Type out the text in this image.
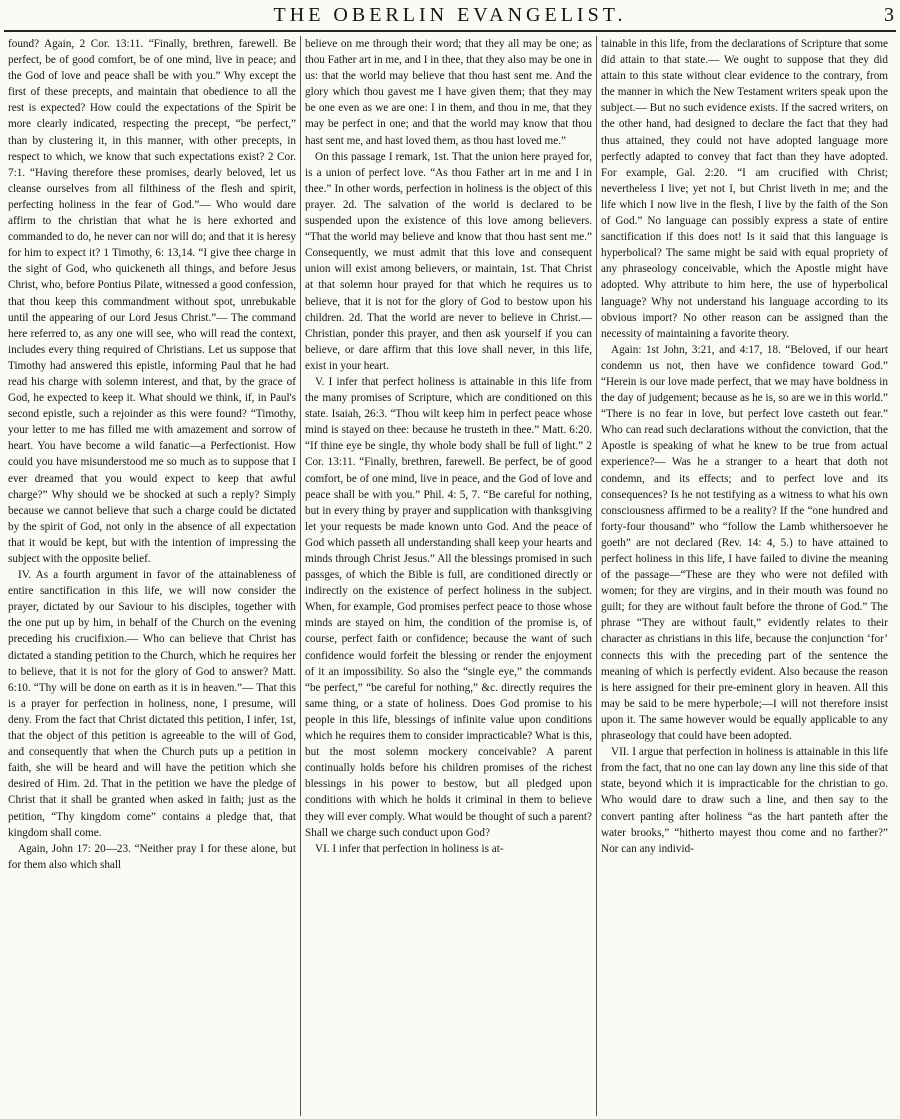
THE OBERLIN EVANGELIST.	3

found? Again, 2 Cor. 13:11. “Finally, brethren, farewell. Be perfect, be of good comfort, be of one mind, live in peace; and the God of love and peace shall be with you.” Why except the first of these precepts, and maintain that obedience to all the rest is expected? How could the expectations of the Spirit be more clearly indicated, respecting the precept, “be perfect,” than by clustering it, in this manner, with other precepts, in respect to which, we know that such expectations exist? 2 Cor. 7:1. “Having therefore these promises, dearly beloved, let us cleanse ourselves from all filthiness of the flesh and spirit, perfecting holiness in the fear of God.”— Who would dare affirm to the christian that what he is here exhorted and commanded to do, he never can nor will do; and that it is heresy for him to expect it? 1 Timothy, 6: 13,14. “I give thee charge in the sight of God, who quickeneth all things, and before Jesus Christ, who, before Pontius Pilate, witnessed a good confession, that thou keep this commandment without spot, unrebukable until the appearing of our Lord Jesus Christ.”— The command here referred to, as any one will see, who will read the context, includes every thing required of Christians. Let us suppose that Timothy had answered this epistle, informing Paul that he had read his charge with solemn interest, and that, by the grace of God, he expected to keep it. What should we think, if, in Paul's second epistle, such a rejoinder as this were found? “Timothy, your letter to me has filled me with amazement and sorrow of heart. You have become a wild fanatic—a Perfectionist. How could you have misunderstood me so much as to suppose that I ever dreamed that you would expect to keep that awful charge?” Why should we be shocked at such a reply? Simply because we cannot believe that such a charge could be dictated by the spirit of God, not only in the absence of all expectation that it would be kept, but with the intention of impressing the subject with the opposite belief.

IV. As a fourth argument in favor of the attainableness of entire sanctification in this life, we will now consider the prayer, dictated by our Saviour to his disciples, together with the one put up by him, in behalf of the Church on the evening preceding his crucifixion.— Who can believe that Christ has dictated a standing petition to the Church, which he requires her to believe, that it is not for the glory of God to answer? Matt. 6:10. “Thy will be done on earth as it is in heaven.”— That this is a prayer for perfection in holiness, none, I presume, will deny. From the fact that Christ dictated this petition, I infer, 1st, that the object of this petition is agreeable to the will of God, and consequently that when the Church puts up a petition in faith, she will be heard and will have the petition which she desired of Him. 2d. That in the petition we have the pledge of Christ that it shall be granted when asked in faith; just as the petition, “Thy kingdom come” contains a pledge that, that kingdom shall come.

Again, John 17: 20—23. “Neither pray I for these alone, but for them also which shall

believe on me through their word; that they all may be one; as thou Father art in me, and I in thee, that they also may be one in us: that the world may believe that thou hast sent me. And the glory which thou gavest me I have given them; that they may be one even as we are one: I in them, and thou in me, that they may be perfect in one; and that the world may know that thou hast sent me, and hast loved them, as thou hast loved me.”

On this passage I remark, 1st. That the union here prayed for, is a union of perfect love. “As thou Father art in me and I in thee.” In other words, perfection in holiness is the object of this prayer. 2d. The salvation of the world is declared to be suspended upon the existence of this love among believers. “That the world may believe and know that thou hast sent me.” Consequently, we must admit that this love and consequent union will exist among believers, or maintain, 1st. That Christ at that solemn hour prayed for that which he requires us to believe, that it is not for the glory of God to bestow upon his children. 2d. That the world are never to believe in Christ.— Christian, ponder this prayer, and then ask yourself if you can believe, or dare affirm that this love shall never, in this life, exist in your heart.

V. I infer that perfect holiness is attainable in this life from the many promises of Scripture, which are conditioned on this state. Isaiah, 26:3. “Thou wilt keep him in perfect peace whose mind is stayed on thee: because he trusteth in thee.” Matt. 6:20. “If thine eye be single, thy whole body shall be full of light.” 2 Cor. 13:11. “Finally, brethren, farewell. Be perfect, be of good comfort, be of one mind, live in peace, and the God of love and peace shall be with you.” Phil. 4: 5, 7. “Be careful for nothing, but in every thing by prayer and supplication with thanksgiving let your requests be made known unto God. And the peace of God which passeth all understanding shall keep your hearts and minds through Christ Jesus.” All the blessings promised in such passges, of which the Bible is full, are conditioned directly or indirectly on the existence of perfect holiness in the subject. When, for example, God promises perfect peace to those whose minds are stayed on him, the condition of the promise is, of course, perfect faith or confidence; because the want of such confidence would forfeit the blessing or render the enjoyment of it an impossibility. So also the “single eye,” the commands “be perfect,” “be careful for nothing,” &c. directly requires the same thing, or a state of holiness. Does God promise to his people in this life, blessings of infinite value upon conditions which he requires them to consider impracticable? What is this, but the most solemn mockery conceivable? A parent continually holds before his children promises of the richest blessings in his power to bestow, but all pledged upon conditions with which he holds it criminal in them to believe they will ever comply. What would be thought of such a parent? Shall we charge such conduct upon God?

VI. I infer that perfection in holiness is at-

tainable in this life, from the declarations of Scripture that some did attain to that state.— We ought to suppose that they did attain to this state without clear evidence to the contrary, from the manner in which the New Testament writers speak upon the subject.— But no such evidence exists. If the sacred writers, on the other hand, had designed to declare the fact that they had thus attained, they could not have adopted language more perfectly adapted to convey that fact than they have adopted. For example, Gal. 2:20. “I am crucified with Christ; nevertheless I live; yet not I, but Christ liveth in me; and the life which I now live in the flesh, I live by the faith of the Son of God.” No language can possibly express a state of entire sanctification if this does not! Is it said that this language is hyperbolical? The same might be said with equal propriety of any phraseology conceivable, which the Apostle might have adopted. Why attribute to him here, the use of hyperbolical language? Why not understand his language according to its obvious import? No other reason can be assigned than the necessity of maintaining a favorite theory.

Again: 1st John, 3:21, and 4:17, 18. “Beloved, if our heart condemn us not, then have we confidence toward God.” “Herein is our love made perfect, that we may have boldness in the day of judgement; because as he is, so are we in this world.” “There is no fear in love, but perfect love casteth out fear.” Who can read such declarations without the conviction, that the Apostle is speaking of what he knew to be true from actual experience?— Was he a stranger to a heart that doth not condemn, and its effects; and to perfect love and its consequences? Is he not testifying as a witness to what his own consciousness affirmed to be a reality? If the “one hundred and forty-four thousand” who “follow the Lamb whithersoever he goeth” are not declared (Rev. 14: 4, 5.) to have attained to perfect holiness in this life, I have failed to divine the meaning of the passage—“These are they who were not defiled with women; for they are virgins, and in their mouth was found no guilt; for they are without fault before the throne of God.” The phrase “They are without fault,” evidently relates to their character as christians in this life, because the conjunction ‘for’ connects this with the preceding part of the sentence the meaning of which is perfectly evident. Also because the reason is here assigned for their pre-eminent glory in heaven. All this may be said to be mere hyperbole;—I will not therefore insist upon it. The same however would be equally applicable to any phraseology that could have been adopted.

VII. I argue that perfection in holiness is attainable in this life from the fact, that no one can lay down any line this side of that state, beyond which it is impracticable for the christian to go. Who would dare to draw such a line, and then say to the convert panting after holiness “as the hart panteth after the water brooks,” “hitherto mayest thou come and no farther?” Nor can any individ-
